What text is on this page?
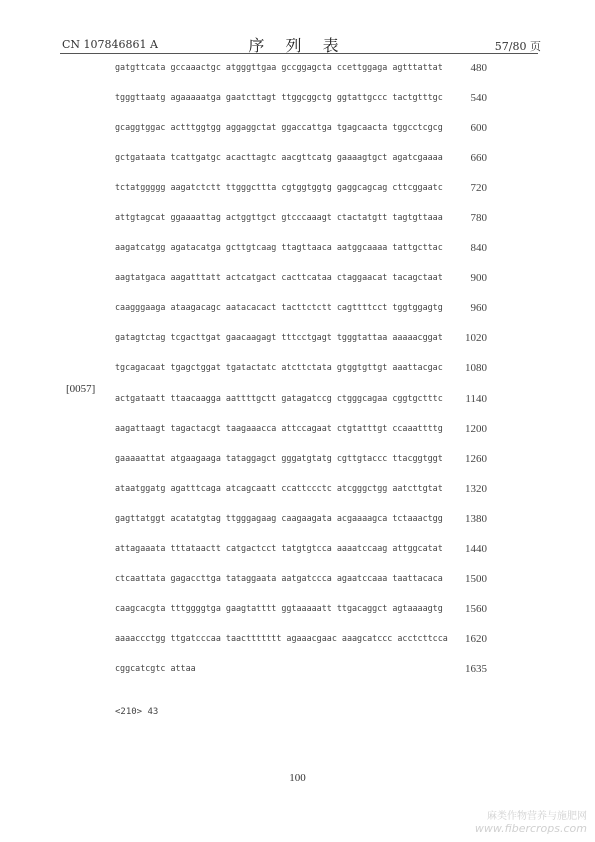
CN 107846861 A	序 列 表	57/80 页
[0057]
gatgttcata gccaaactgc atgggttgaa gccggagcta ccettggaga agtttattat	480
tgggttaatg agaaaaatga gaatcttagt ttggcggctg ggtattgccc tactgtttgc	540
gcaggtggac actttggtgg aggaggctat ggaccattga tgagcaacta tggcctcgcg	600
gctgataata tcattgatgc acacttagtc aacgttcatg gaaaagtgct agatcgaaaa	660
tctatggggg aagatctctt ttgggcttta cgtggtggtg gaggcagcag cttcggaatc	720
attgtagcat ggaaaattag actggttgct gtcccaaagt ctactatgtt tagtgttaaa	780
aagatcatgg agatacatga gcttgtcaag ttagttaaca aatggcaaaa tattgcttac	840
aagtatgaca aagatttatt actcatgact cacttcataa ctaggaacat tacagctaat	900
caagggaaga ataagacagc aatacacact tacttctctt cagttttcct tggtggagtg	960
gatagtctag tcgacttgat gaacaagagt tttcctgagt tgggtattaa aaaaacggat 1020
tgcagacaat tgagctggat tgatactatc atcttctata gtggtgttgt aaattacgac 1080
actgataatt ttaacaagga aattttgctt gatagatccg ctgggcagaa cggtgctttc 1140
aagattaagt tagactacgt taagaaacca attccagaat ctgtatttgt ccaaattttg 1200
gaaaaattat atgaagaaga tataggagct gggatgtatg cgttgtaccc ttacggtggt 1260
ataatggatg agatttcaga atcagcaatt ccattccctc atcgggctgg aatcttgtat 1320
gagttatggt acatatgtag ttgggagaag caagaagata acgaaaagca tctaaactgg 1380
attagaaata tttataactt catgactcct tatgtgtcca aaaatccaag attggcatat 1440
ctcaattata gagaccttga tataggaata aatgatccca agaatccaaa taattacaca 1500
caagcacgta tttggggtga gaagtatttt ggtaaaaatt ttgacaggct agtaaaagtg 1560
aaaaccctgg ttgatcccaa taacttttttt agaaacgaac aaagcatccc acctcttcca 1620
cggcatcgtc attaa	1635
<210> 43
100
麻类作物营养与施肥网
www.fibercrops.com
